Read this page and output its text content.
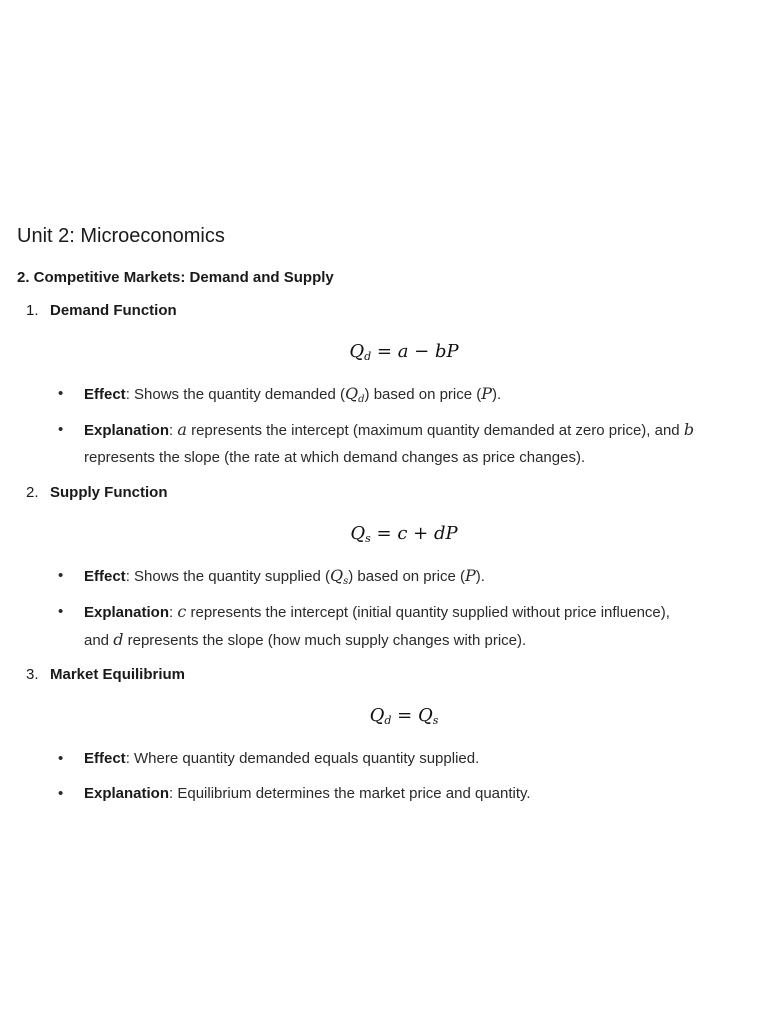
Unit 2: Microeconomics
2. Competitive Markets: Demand and Supply
1. Demand Function
$Q_d = a$ − bP
• Effect: Shows the quantity demanded $(Q_d)$ based on price (P).
• Explanation: a represents the intercept (maximum quantity demanded at zero price), and b
represents the slope (the rate at which demand changes as price changes).
2. Supply Function
$Q_s = c$ + dP
• Effect: Shows the quantity supplied $(Q_s)$ based on price (P).
• Explanation: c represents the intercept (initial quantity supplied without price influence),
and d represents the slope (how much supply changes with price).
3. Market Equilibrium
$Q_d = Q_s$
• Effect: Where quantity demanded equals quantity supplied.
• Explanation: Equilibrium determines the market price and quantity.
